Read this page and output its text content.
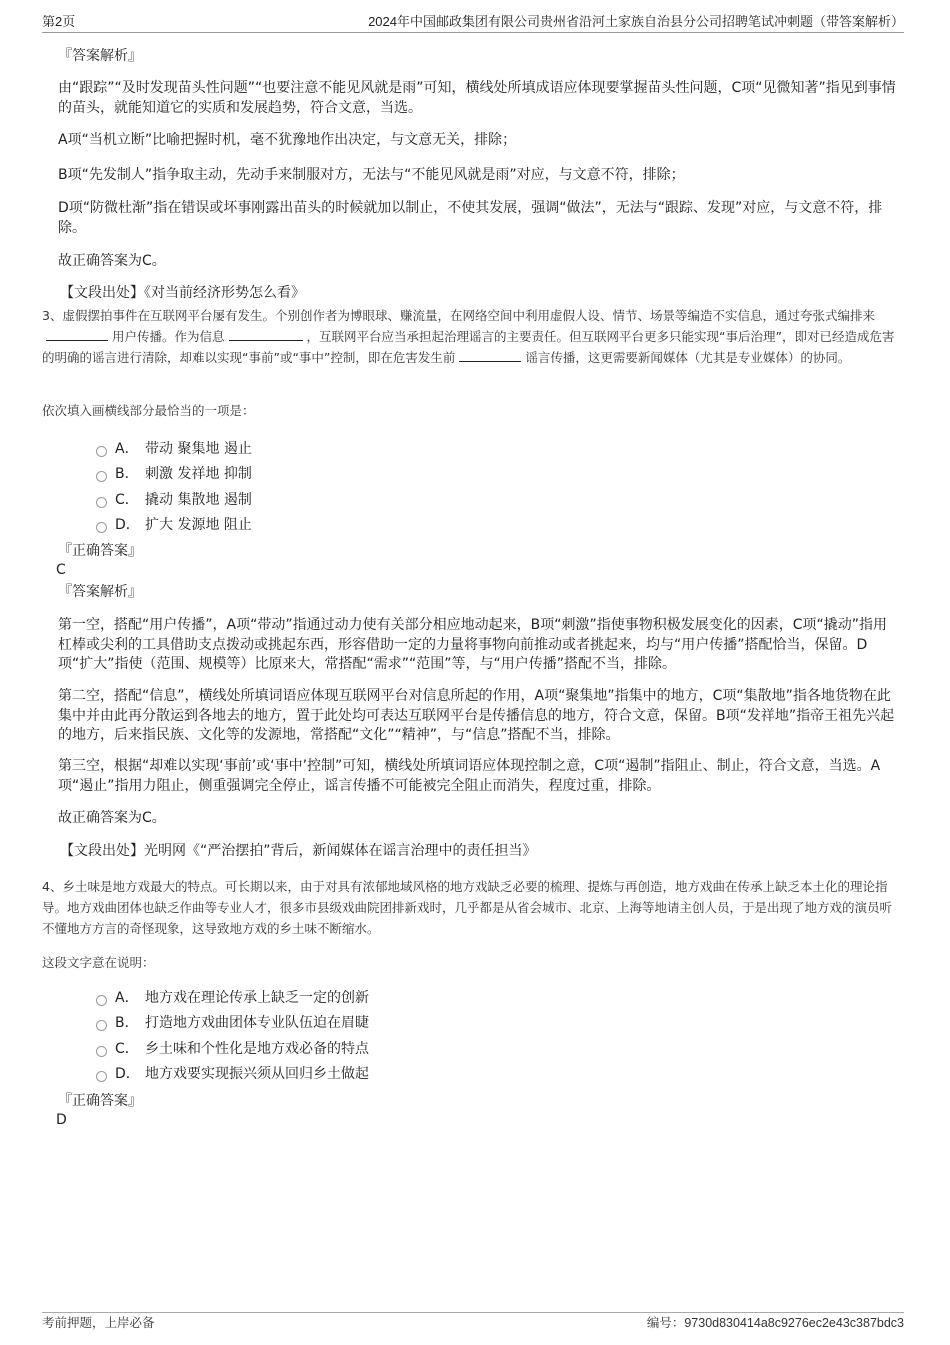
第2页	2024年中国邮政集团有限公司贵州省沿河土家族自治县分公司招聘笔试冲刺题（带答案解析）
『答案解析』
由“跟踪”“及时发现苗头性问题”“也要注意不能见风就是雨”可知，横线处所填成语应体现要掌握苗头性问题，C项“见微知著”指见到事情的苗头，就能知道它的实质和发展趋势，符合文意，当选。
A项“当机立断”比喻把握时机，毫不犹豫地作出决定，与文意无关，排除；
B项“先发制人”指争取主动，先动手来制服对方，无法与“不能见风就是雨”对应，与文意不符，排除；
D项“防微杜渐”指在错误或坏事刚露出苗头的时候就加以制止，不使其发展，强调“做法”，无法与“跟踪、发现”对应，与文意不符，排除。
故正确答案为C。
【文段出处】《对当前经济形势怎么看》
3、虚假摆拍事件在互联网平台屡有发生。个别创作者为博眼球、赚流量，在网络空间中利用虚假人设、情节、场景等编造不实信息，通过夸张式编排来用户传播。作为信息	，互联网平台应当承担起治理谣言的主要责任。但互联网平台更多只能实现“事后治理”，即对已经造成危害的明确的谣言进行清除，却难以实现“事前”或“事中”控制，即在危害发生前	谣言传播，这更需要新闻媒体（尤其是专业媒体）的协同。
依次填入画横线部分最恰当的一项是：
A． 带动 聚集地 遏止
B． 刺激 发祥地 抑制
C． 撬动 集散地 遏制
D． 扩大 发源地 阻止
『正确答案』
C
『答案解析』
第一空，搭配“用户传播”，A项“带动”指通过动力使有关部分相应地动起来，B项“刺激”指使事物积极发展变化的因素，C项“撬动”指用杠棒或尖利的工具借助支点拨动或挑起东西，形容借助一定的力量将事物向前推动或者挑起来，均与“用户传播”搭配恰当，保留。D项“扩大”指使（范围、规模等）比原来大，常搭配“需求”“范围”等，与“用户传播”搭配不当，排除。
第二空，搭配“信息”，横线处所填词语应体现互联网平台对信息所起的作用，A项“聚集地”指集中的地方，C项“集散地”指各地货物在此集中并由此再分散运到各地去的地方，置于此处均可表达互联网平台是传播信息的地方，符合文意，保留。B项“发祥地”指帝王祖先兴起的地方，后来指民族、文化等的发源地，常搭配“文化”“精神”，与“信息”搭配不当，排除。
第三空，根据“却难以实现‘事前’或‘事中’控制”可知，横线处所填词语应体现控制之意，C项“遏制”指阻止、制止，符合文意，当选。A项“遏止”指用力阻止，侧重强调完全停止，谣言传播不可能被完全阻止而消失，程度过重，排除。
故正确答案为C。
【文段出处】光明网《“严治摆拍”背后，新闻媒体在谣言治理中的责任担当》
4、乡土味是地方戏最大的特点。可长期以来，由于对具有浓郁地域风格的地方戏缺乏必要的梳理、提炼与再创造，地方戏曲在传承上缺乏本土化的理论指导。地方戏曲团体也缺乏作曲等专业人才，很多市县级戏曲院团排新戏时，几乎都是从省会城市、北京、上海等地请主创人员，于是出现了地方戏的演员听不懂地方方言的奇怪现象，这导致地方戏的乡土味不断缩水。
这段文字意在说明：
A． 地方戏在理论传承上缺乏一定的创新
B． 打造地方戏曲团体专业队伍迫在眉睫
C． 乡土味和个性化是地方戏必备的特点
D． 地方戏要实现振兴须从回归乡土做起
『正确答案』
D
考前押题，上岸必备	编号：9730d830414a8c9276ec2e43c387bdc3
